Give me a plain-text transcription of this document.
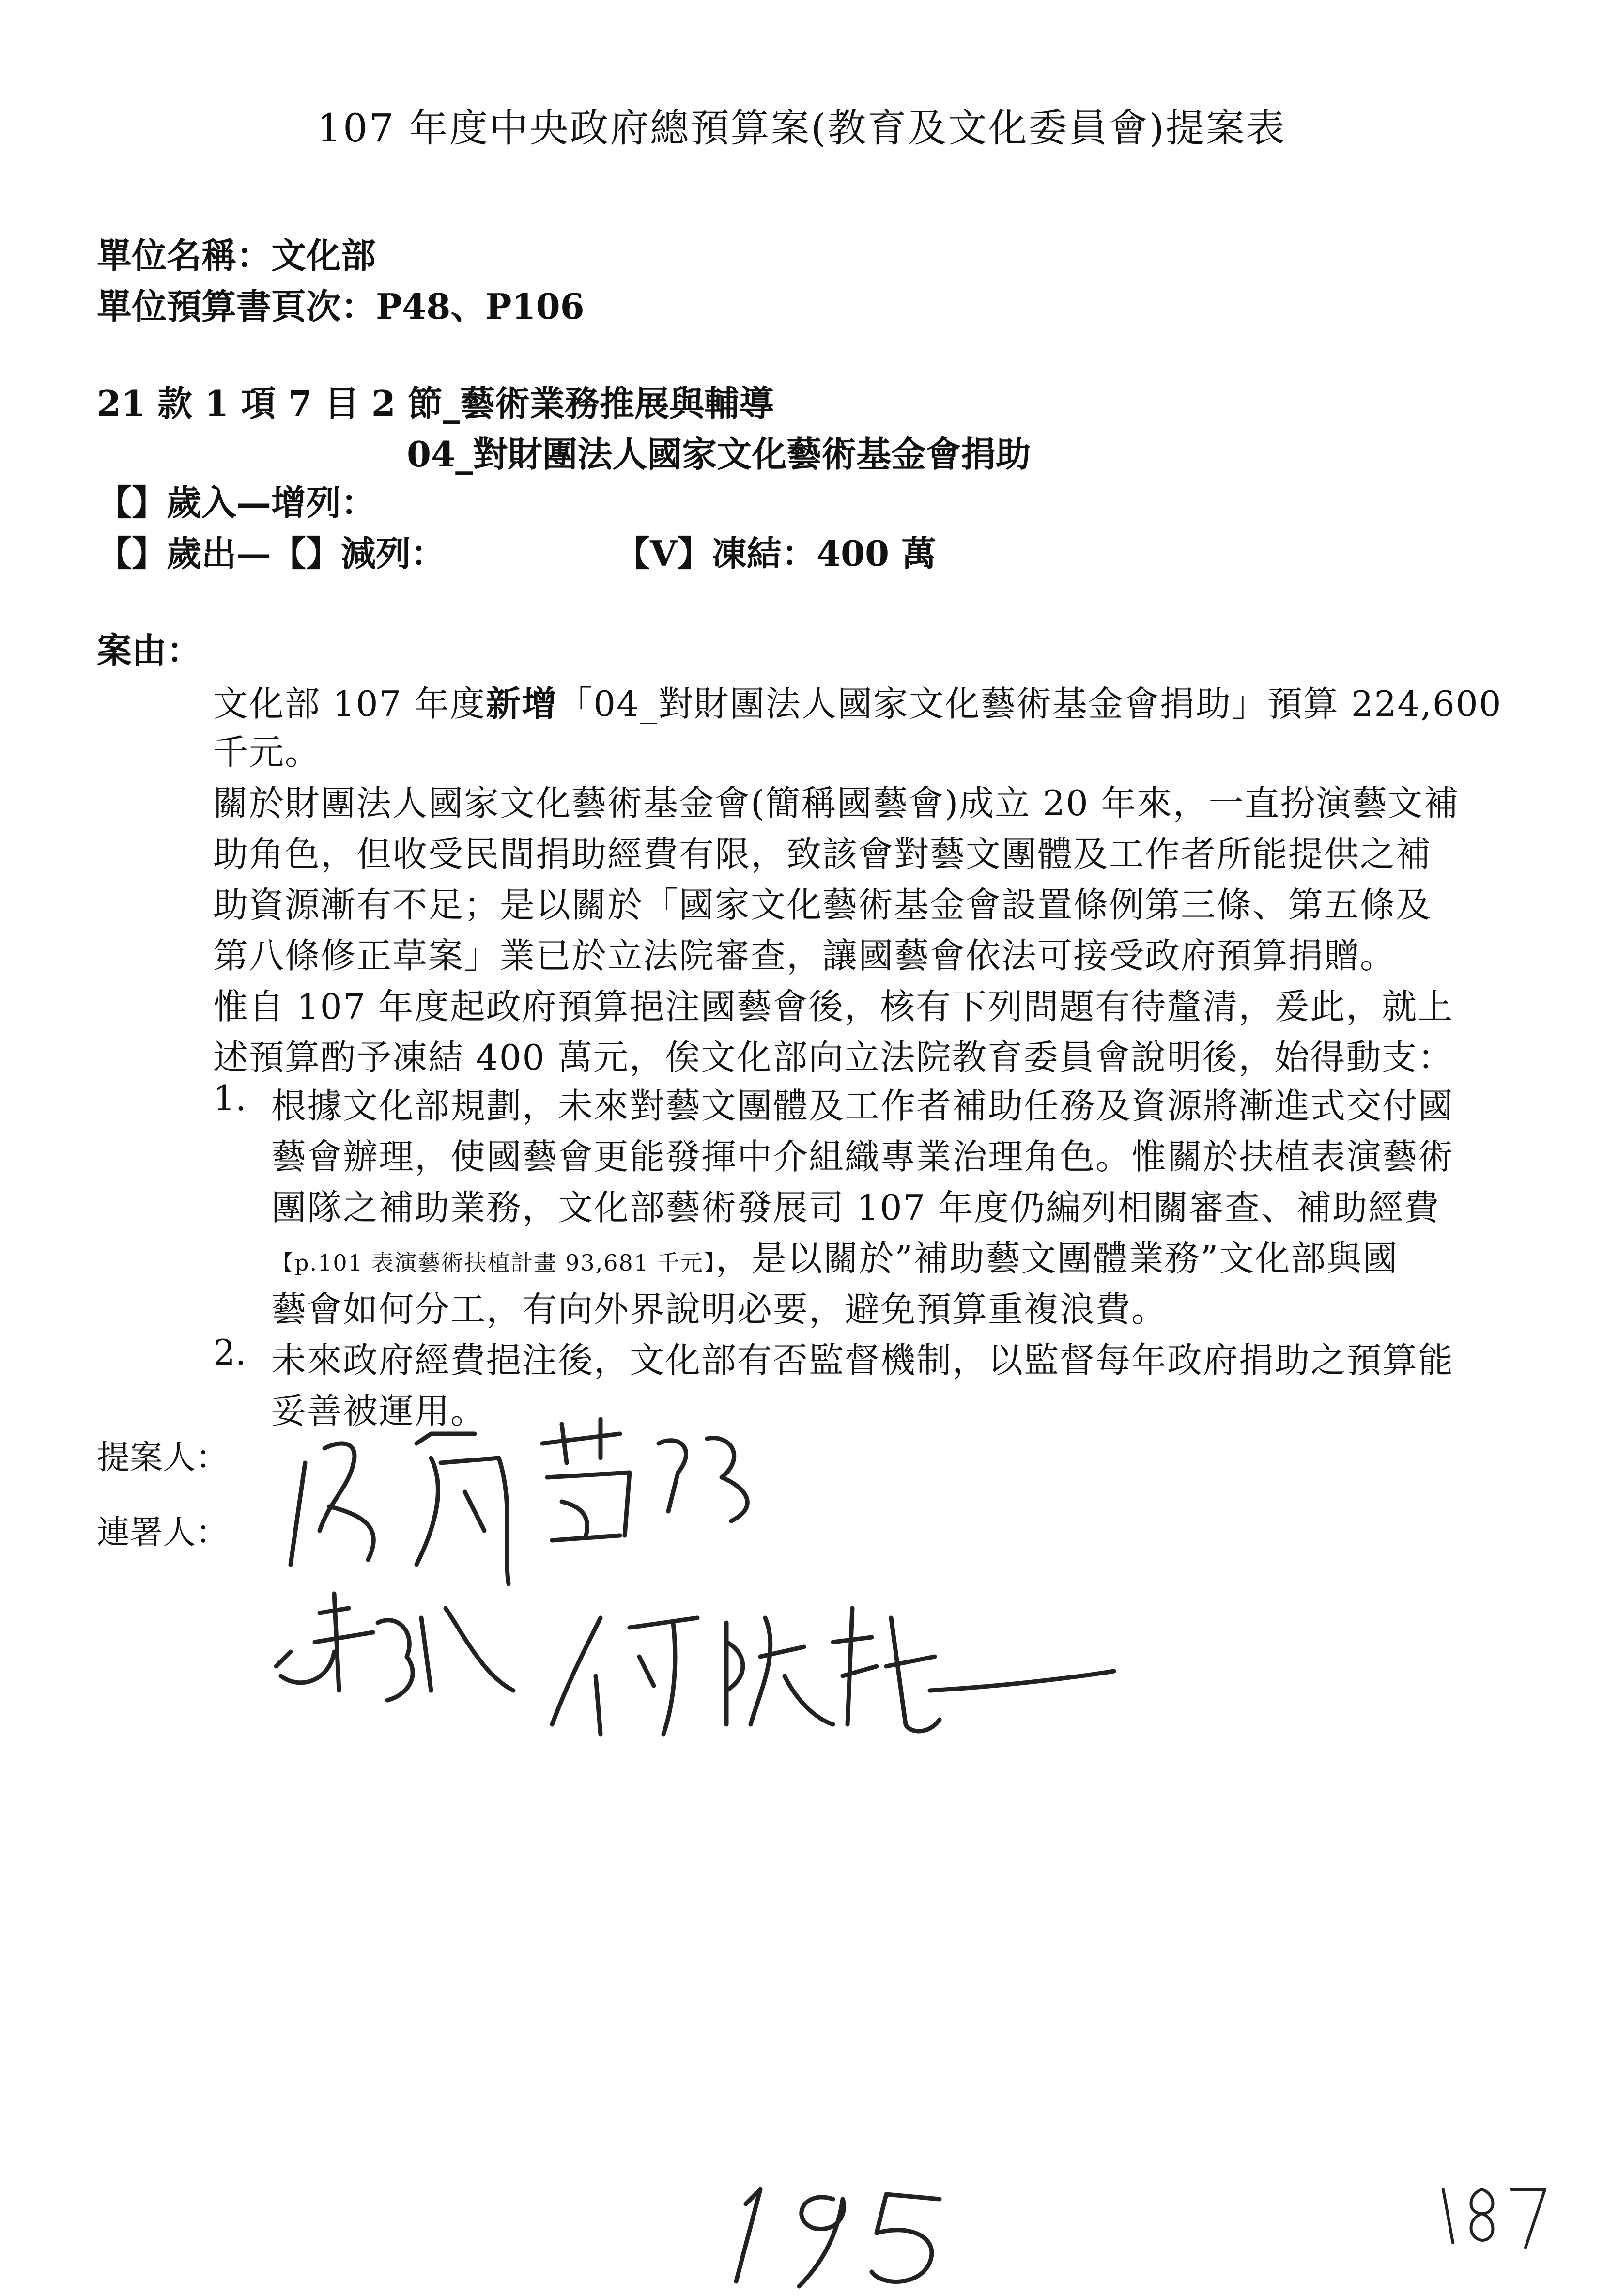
107 年度中央政府總預算案(教育及文化委員會)提案表
單位名稱：文化部
單位預算書頁次：P48、P106
21 款 1 項 7 目 2 節_藝術業務推展與輔導
04_對財團法人國家文化藝術基金會捐助
【】歲入—增列：
【】歲出—【】減列：	【V】凍結：400 萬
案由：
文化部 107 年度新增「04_對財團法人國家文化藝術基金會捐助」預算 224,600
千元。
關於財團法人國家文化藝術基金會(簡稱國藝會)成立 20 年來，一直扮演藝文補
助角色，但收受民間捐助經費有限，致該會對藝文團體及工作者所能提供之補
助資源漸有不足；是以關於「國家文化藝術基金會設置條例第三條、第五條及
第八條修正草案」業已於立法院審查，讓國藝會依法可接受政府預算捐贈。
惟自 107 年度起政府預算挹注國藝會後，核有下列問題有待釐清，爰此，就上
述預算酌予凍結 400 萬元，俟文化部向立法院教育委員會說明後，始得動支：
1. 根據文化部規劃，未來對藝文團體及工作者補助任務及資源將漸進式交付國
藝會辦理，使國藝會更能發揮中介組織專業治理角色。惟關於扶植表演藝術
團隊之補助業務，文化部藝術發展司 107 年度仍編列相關審查、補助經費
【p.101 表演藝術扶植計畫 93,681 千元】，是以關於”補助藝文團體業務”文化部與國
藝會如何分工，有向外界說明必要，避免預算重複浪費。
2. 未來政府經費挹注後，文化部有否監督機制，以監督每年政府捐助之預算能
妥善被運用。
提案人：
連署人：
